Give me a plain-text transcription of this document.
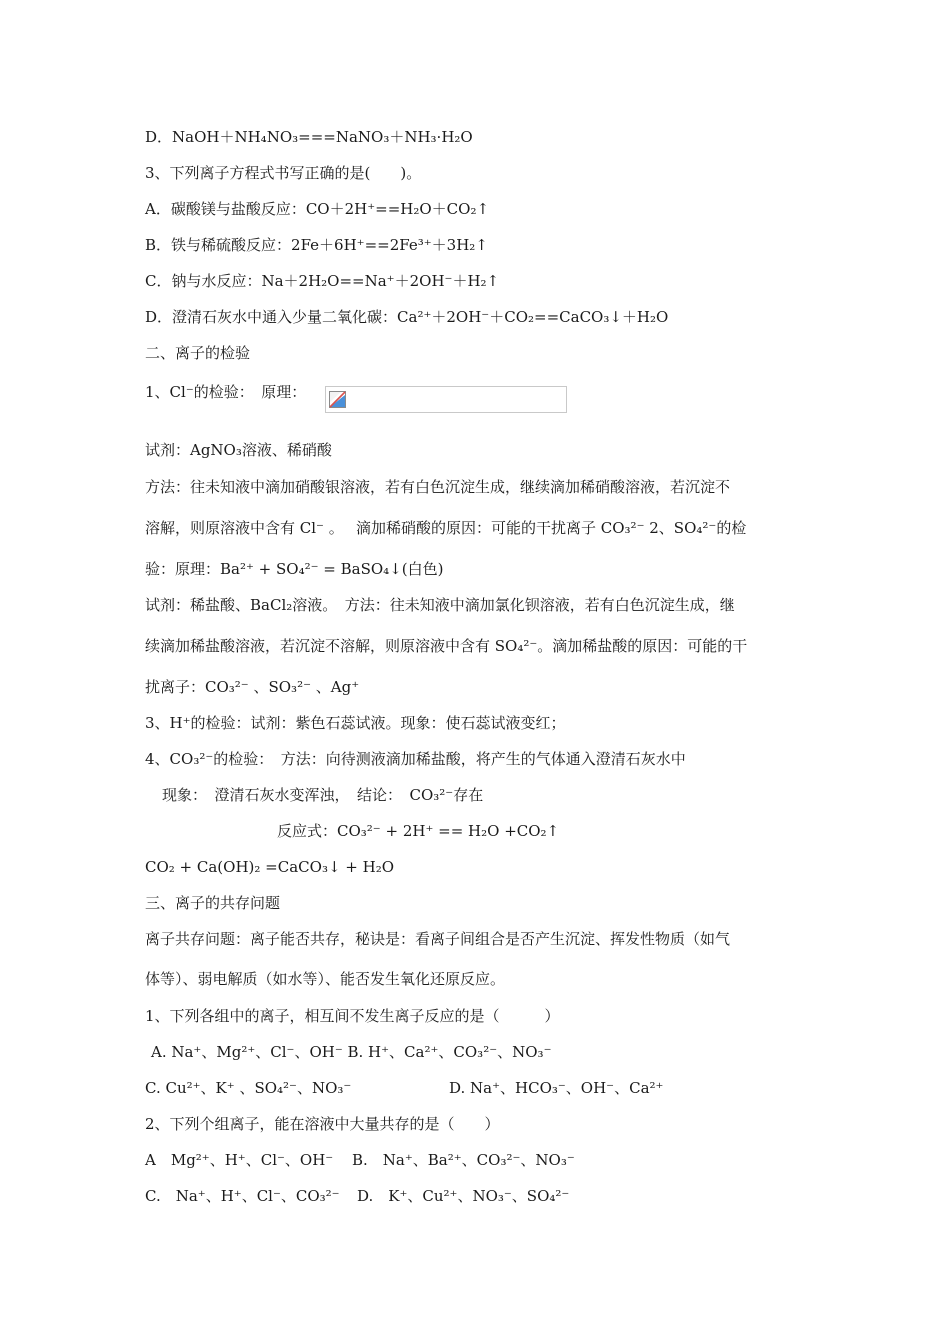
D．NaOH＋NH₄NO₃===NaNO₃＋NH₃·H₂O
3、下列离子方程式书写正确的是(　　)。
A．碳酸镁与盐酸反应：CO＋2H⁺==H₂O＋CO₂↑
B．铁与稀硫酸反应：2Fe＋6H⁺==2Fe³⁺＋3H₂↑
C．钠与水反应：Na＋2H₂O==Na⁺＋2OH⁻＋H₂↑
D．澄清石灰水中通入少量二氧化碳：Ca²⁺＋2OH⁻＋CO₂==CaCO₃↓＋H₂O
二、离子的检验
1、Cl⁻的检验：　原理：
试剂：AgNO₃溶液、稀硝酸
方法：往未知液中滴加硝酸银溶液，若有白色沉淀生成，继续滴加稀硝酸溶液，若沉淀不
溶解，则原溶液中含有 Cl⁻ 。　 滴加稀硝酸的原因：可能的干扰离子 CO₃²⁻ 2、SO₄²⁻的检
验：原理：Ba²⁺ + SO₄²⁻ = BaSO₄↓(白色)
试剂：稀盐酸、BaCl₂溶液。　方法：往未知液中滴加氯化钡溶液，若有白色沉淀生成，继
续滴加稀盐酸溶液，若沉淀不溶解，则原溶液中含有 SO₄²⁻。滴加稀盐酸的原因：可能的干
扰离子：CO₃²⁻ 、SO₃²⁻ 、Ag⁺
3、H⁺的检验：试剂：紫色石蕊试液。现象：使石蕊试液变红；
4、CO₃²⁻的检验：　方法：向待测液滴加稀盐酸，将产生的气体通入澄清石灰水中
现象：　澄清石灰水变浑浊，　结论：　CO₃²⁻存在
反应式：CO₃²⁻ + 2H⁺ == H₂O +CO₂↑
CO₂ + Ca(OH)₂ =CaCO₃↓ + H₂O
三、离子的共存问题
离子共存问题：离子能否共存，秘诀是：看离子间组合是否产生沉淀、挥发性物质（如气
体等）、弱电解质（如水等）、能否发生氧化还原反应。
1、下列各组中的离子，相互间不发生离子反应的是（　　　）
A. Na⁺、Mg²⁺、Cl⁻、OH⁻ B. H⁺、Ca²⁺、CO₃²⁻、NO₃⁻
C. Cu²⁺、K⁺ 、SO₄²⁻、NO₃⁻	D. Na⁺、HCO₃⁻、OH⁻、Ca²⁺
2、下列个组离子，能在溶液中大量共存的是（　　）
A　Mg²⁺、H⁺、Cl⁻、OH⁻ B.　Na⁺、Ba²⁺、CO₃²⁻、NO₃⁻
C.　Na⁺、H⁺、Cl⁻、CO₃²⁻ D.　K⁺、Cu²⁺、NO₃⁻、SO₄²⁻
